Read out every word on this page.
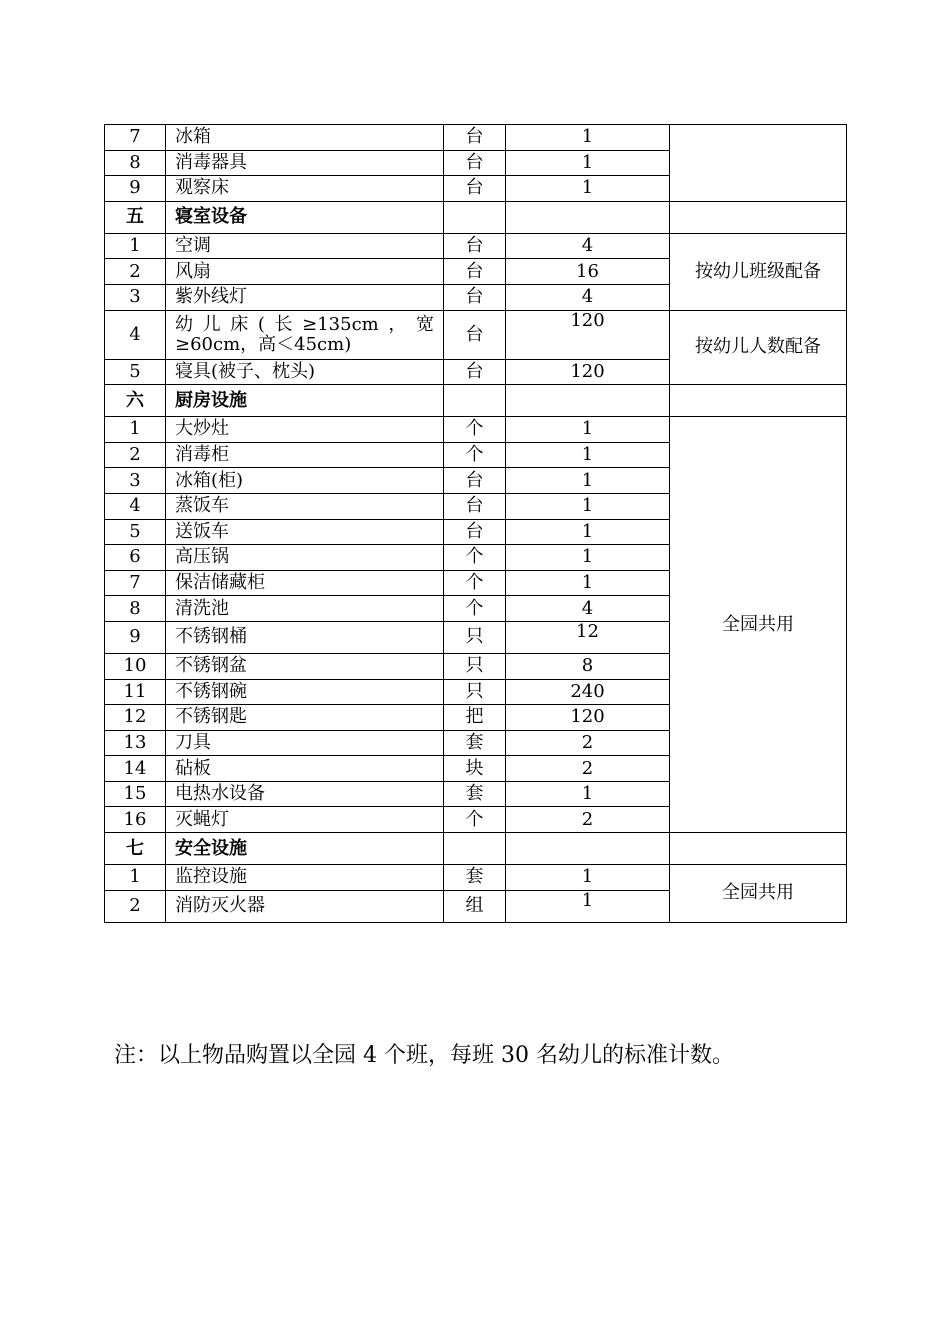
7	冰箱	台	1	
8	消毒器具	台	1	
9	观察床	台	1	
五	寝室设备			
1	空调	台	4	按幼儿班级配备
2	风扇	台	16	
3	紫外线灯	台	4	
4	幼儿床(长≥135cm，宽≥60cm，高＜45cm)	台	120	按幼儿人数配备
5	寝具(被子、枕头)	台	120	
六	厨房设施			
1	大炒灶	个	1	全园共用
2	消毒柜	个	1	
3	冰箱(柜)	台	1	
4	蒸饭车	台	1	
5	送饭车	台	1	
6	高压锅	个	1	
7	保洁储藏柜	个	1	
8	清洗池	个	4	
9	不锈钢桶	只	12	
10	不锈钢盆	只	8	
11	不锈钢碗	只	240	
12	不锈钢匙	把	120	
13	刀具	套	2	
14	砧板	块	2	
15	电热水设备	套	1	
16	灭蝇灯	个	2	
七	安全设施			
1	监控设施	套	1	全园共用
2	消防灭火器	组	1	
注：以上物品购置以全园 4 个班，每班 30 名幼儿的标准计数。
